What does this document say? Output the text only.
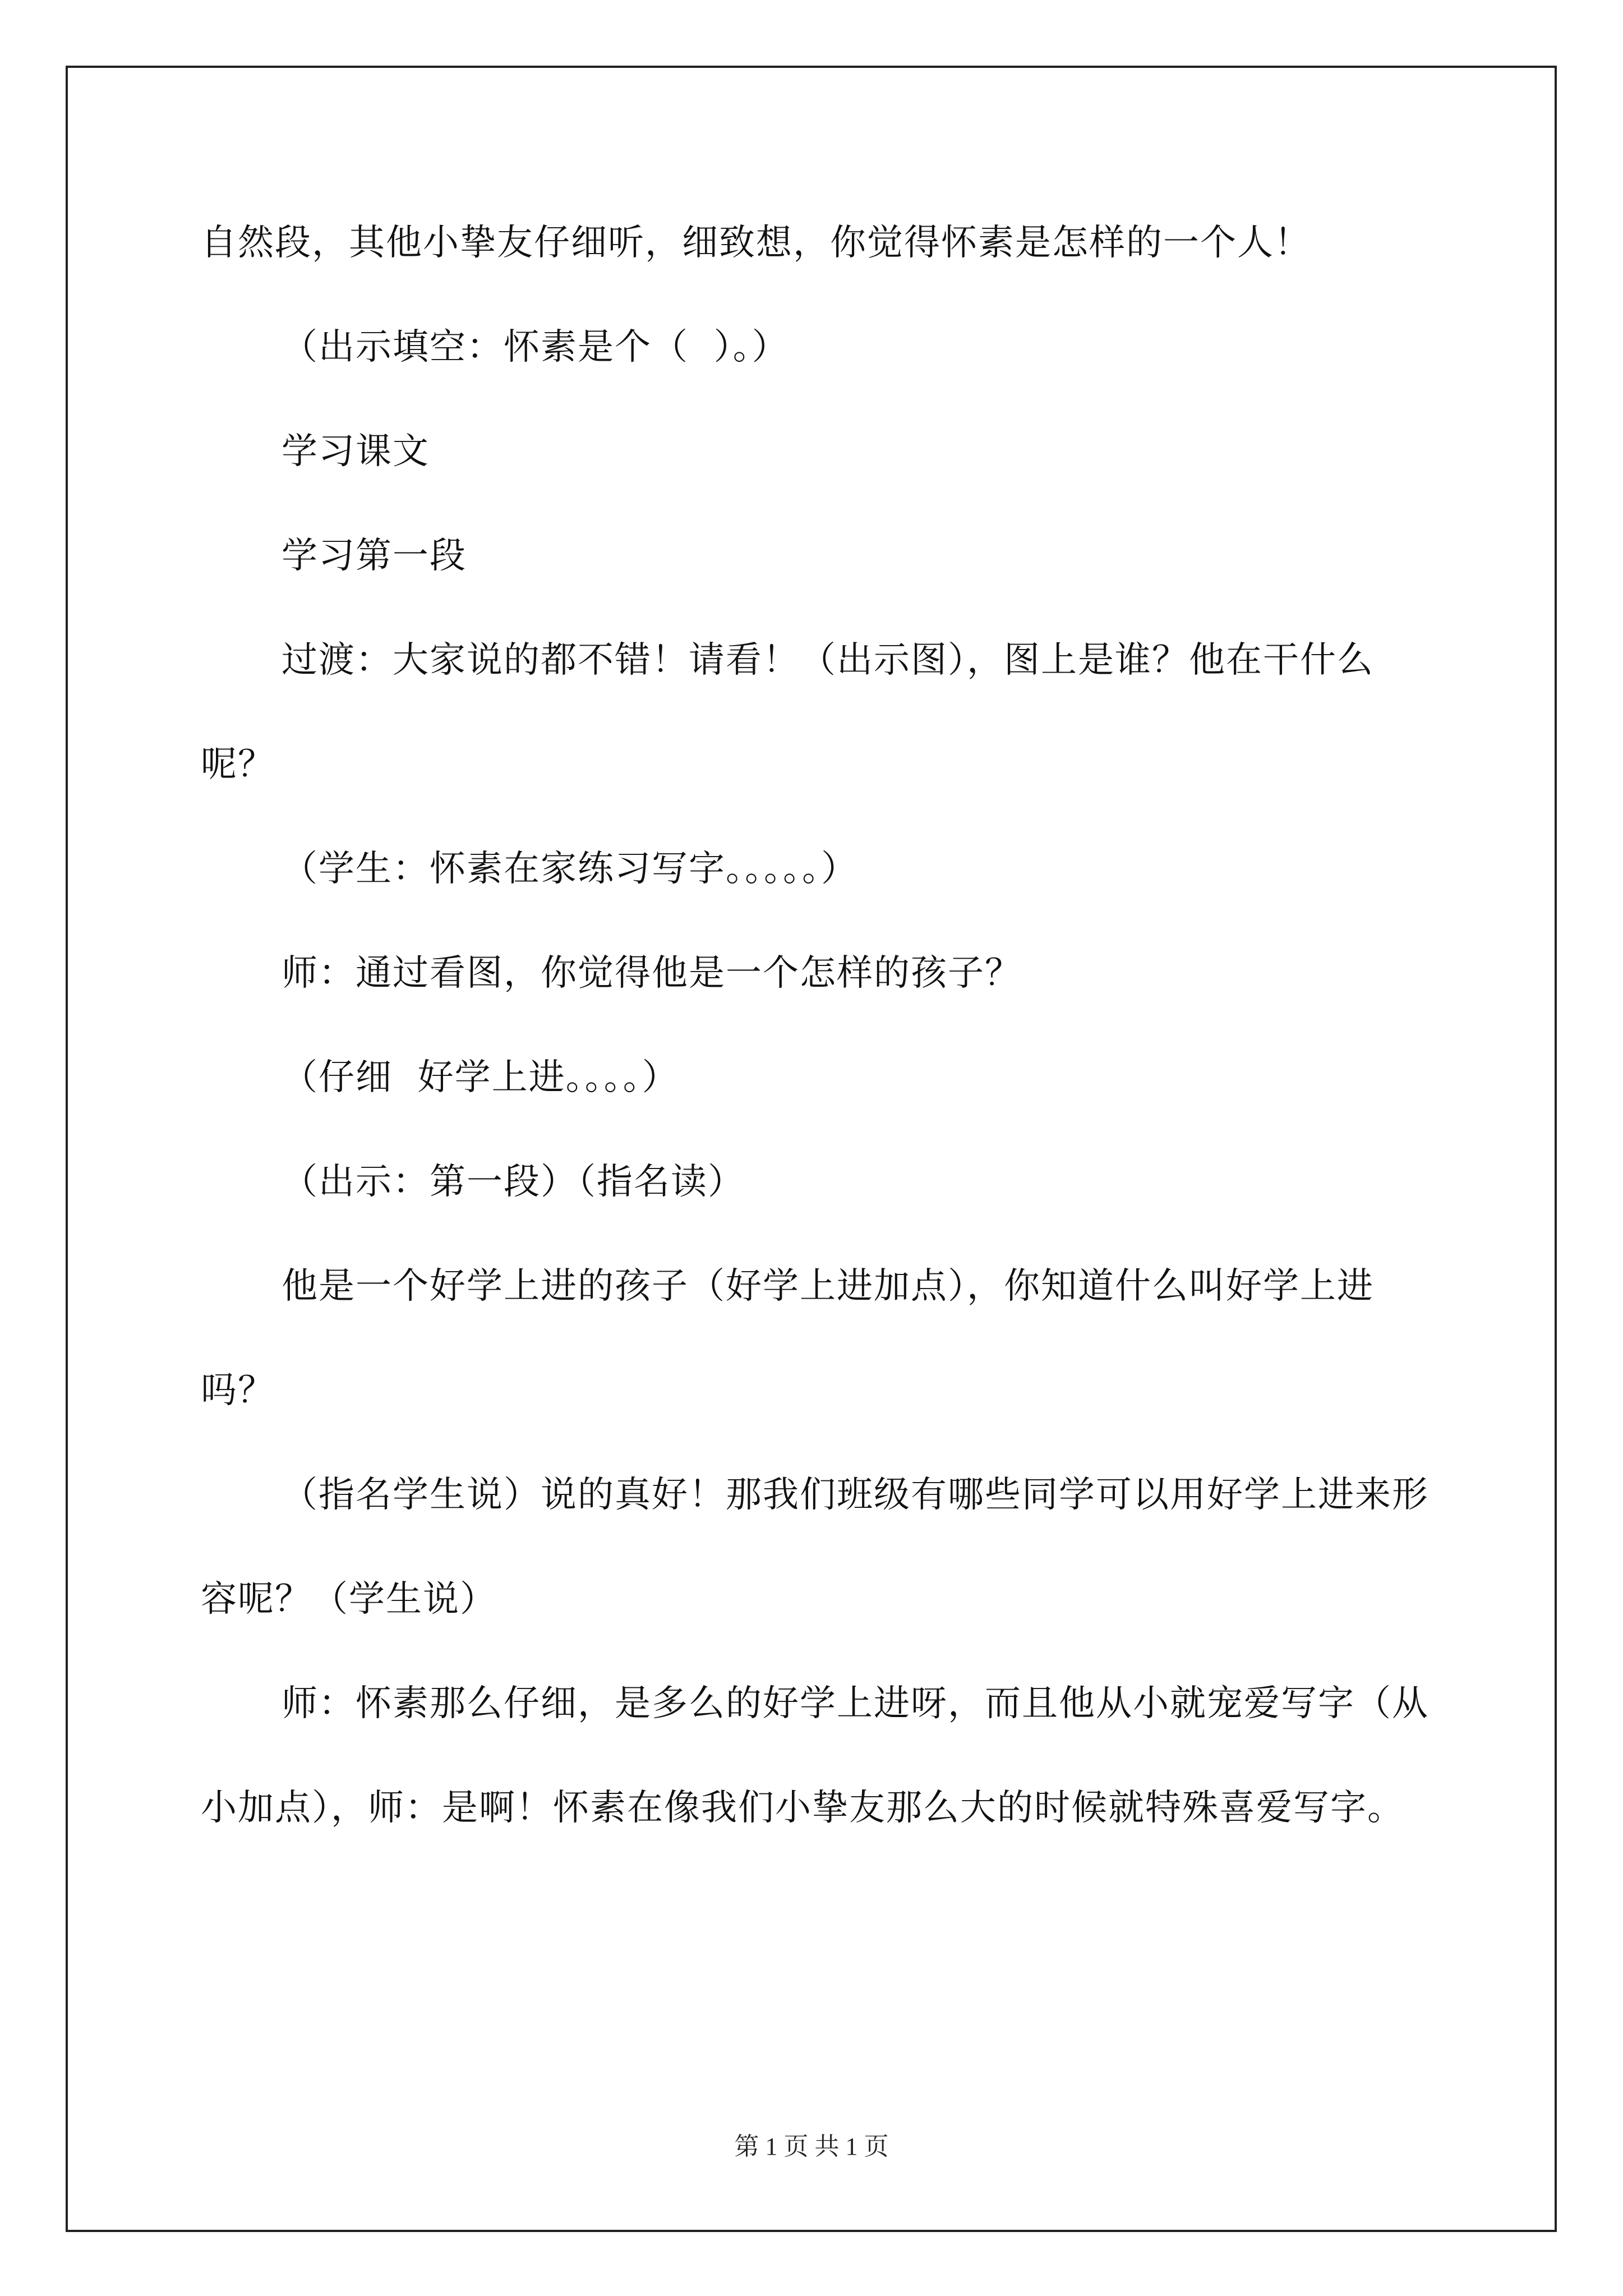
自然段，其他小挚友仔细听，细致想，你觉得怀素是怎样的一个人！

（出示填空：怀素是个（  ）。）

学习课文

学习第一段

过渡：大家说的都不错！请看！（出示图），图上是谁？他在干什么呢？

（学生：怀素在家练习写字。。。。。）

师：通过看图，你觉得他是一个怎样的孩子？

（仔细  好学上进。。。。）

（出示：第一段）（指名读）

他是一个好学上进的孩子（好学上进加点），你知道什么叫好学上进吗？

（指名学生说）说的真好！那我们班级有哪些同学可以用好学上进来形容呢？（学生说）

师：怀素那么仔细，是多么的好学上进呀，而且他从小就宠爱写字（从小加点），师：是啊！怀素在像我们小挚友那么大的时候就特殊喜爱写字。

第 1 页 共 1 页
